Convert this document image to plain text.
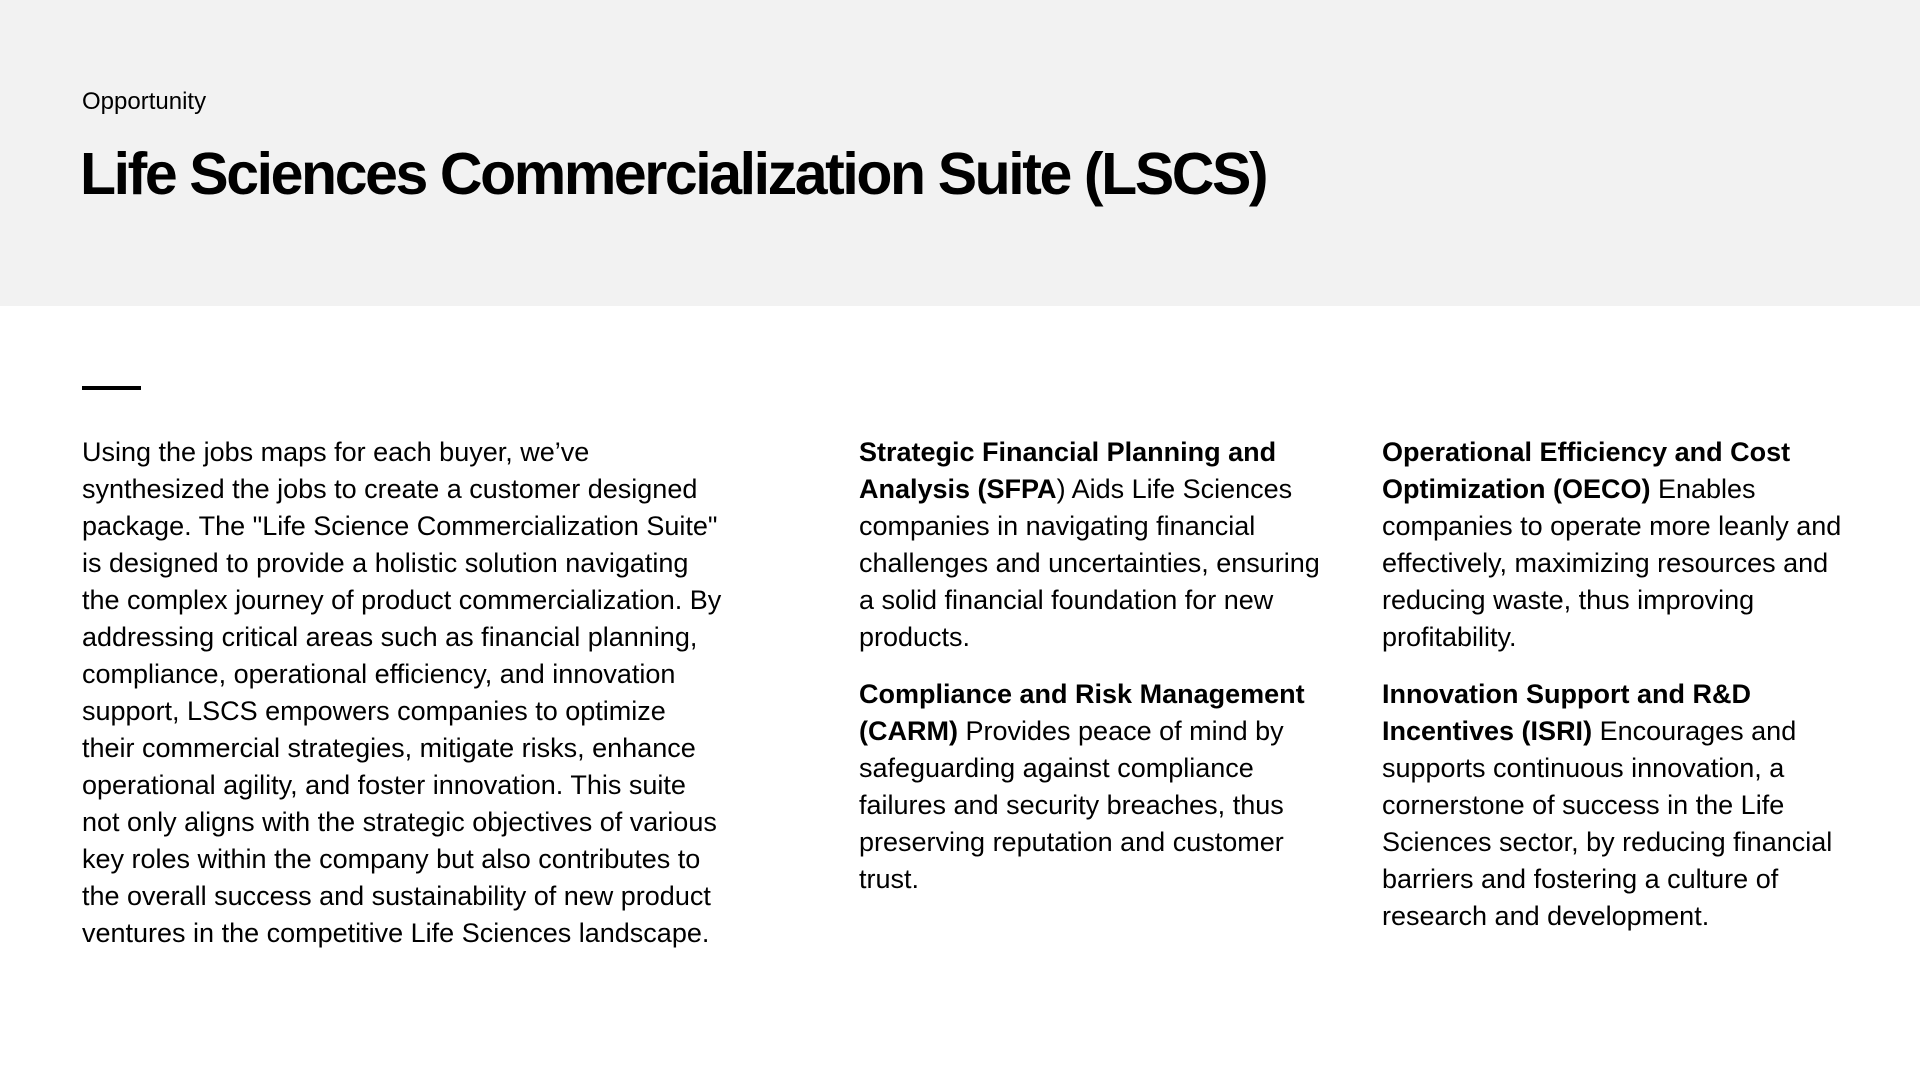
Opportunity
Life Sciences Commercialization Suite (LSCS)

Using the jobs maps for each buyer, we’ve synthesized the jobs to create a customer designed package. The "Life Science Commercialization Suite" is designed to provide a holistic solution navigating the complex journey of product commercialization. By addressing critical areas such as financial planning, compliance, operational efficiency, and innovation support, LSCS empowers companies to optimize their commercial strategies, mitigate risks, enhance operational agility, and foster innovation. This suite not only aligns with the strategic objectives of various key roles within the company but also contributes to the overall success and sustainability of new product ventures in the competitive Life Sciences landscape.

Strategic Financial Planning and Analysis (SFPA) Aids Life Sciences companies in navigating financial challenges and uncertainties, ensuring a solid financial foundation for new products.

Compliance and Risk Management (CARM) Provides peace of mind by safeguarding against compliance failures and security breaches, thus preserving reputation and customer trust.

Operational Efficiency and Cost Optimization (OECO) Enables companies to operate more leanly and effectively, maximizing resources and reducing waste, thus improving profitability.

Innovation Support and R&D Incentives (ISRI) Encourages and supports continuous innovation, a cornerstone of success in the Life Sciences sector, by reducing financial barriers and fostering a culture of research and development.
